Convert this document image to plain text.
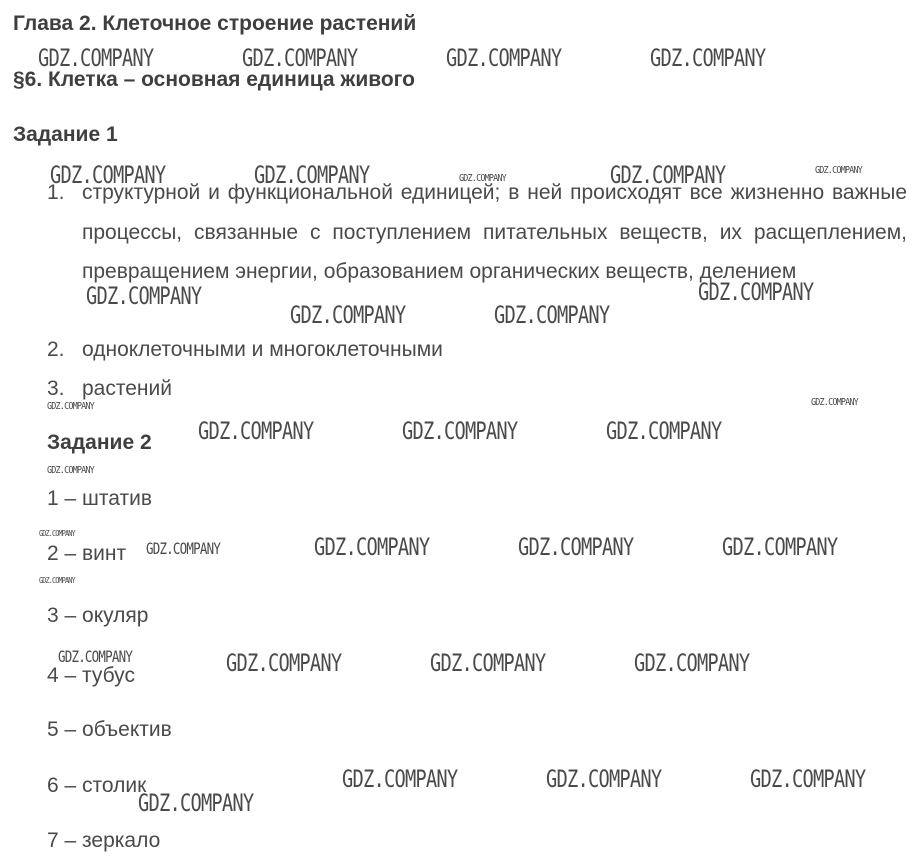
Глава 2. Клеточное строение растений
§6. Клетка – основная единица живого
Задание 1
1. структурной и функциональной единицей; в ней происходят все жизненно важные процессы, связанные с поступлением питательных веществ, их расщеплением, превращением энергии, образованием органических веществ, делением
2. одноклеточными и многоклеточными
3. растений
Задание 2
1 – штатив
2 – винт
3 – окуляр
4 – тубус
5 – объектив
6 – столик
7 – зеркало
GDZ.COMPANY	GDZ.COMPANY	GDZ.COMPANY	GDZ.COMPANY
GDZ.COMPANY	GDZ.COMPANY	GDZ.COMPANY
GDZ.COMPANY	GDZ.COMPANY
GDZ.COMPANY	GDZ.COMPANY
GDZ.COMPANY	GDZ.COMPANY	GDZ.COMPANY
GDZ.COMPANY	GDZ.COMPANY	GDZ.COMPANY
GDZ.COMPANY	GDZ.COMPANY	GDZ.COMPANY
GDZ.COMPANY	GDZ.COMPANY	GDZ.COMPANY
GDZ.COMPANY
GDZ.COMPANY
GDZ.COMPANY
GDZ.COMPANY
GDZ.COMPANY
GDZ.COMPANY	GDZ.COMPANY
GDZ.COMPANY
GDZ.COMPANY
GDZ.COMPANY
